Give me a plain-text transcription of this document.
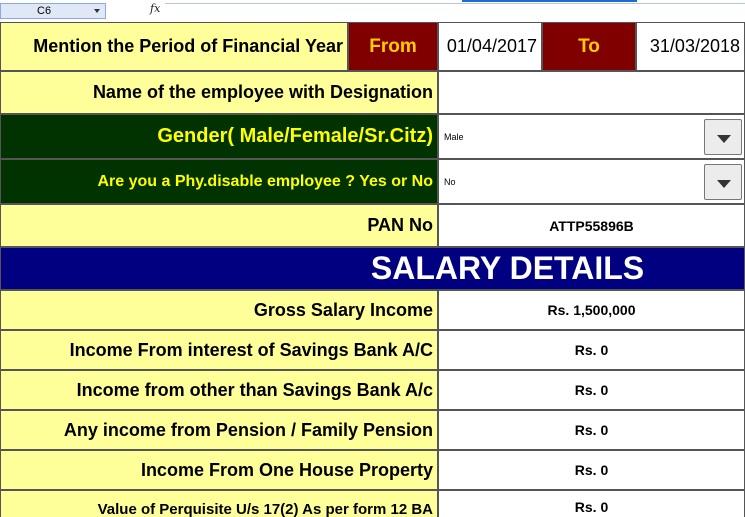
C6	fx
Mention the Period of Financial Year	From	01/04/2017	To	31/03/2018
Name of the employee with Designation
Gender( Male/Female/Sr.Citz)	Male
Are you a Phy.disable employee ? Yes or No	No
PAN No	ATTP55896B
SALARY DETAILS
Gross Salary Income	Rs. 1,500,000
Income From interest of Savings Bank A/C	Rs. 0
Income from other than Savings Bank A/c	Rs. 0
Any income from Pension / Family Pension	Rs. 0
Income From One House Property	Rs. 0
Value of Perquisite U/s 17(2) As per form 12 BA	Rs. 0
